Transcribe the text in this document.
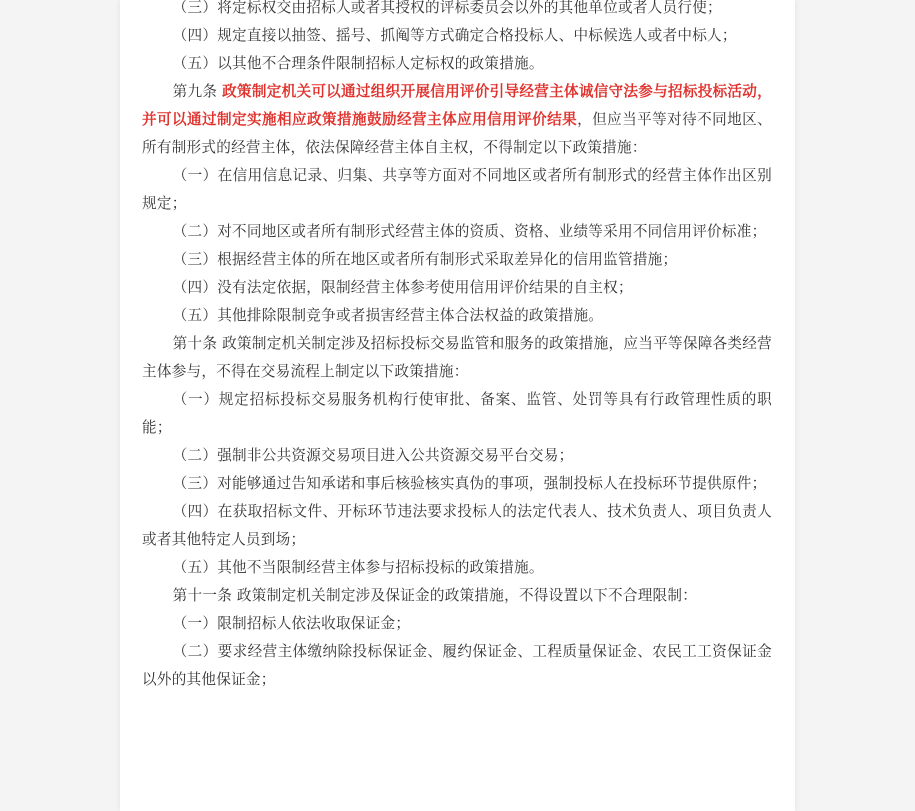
（三）将定标权交由招标人或者其授权的评标委员会以外的其他单位或者人员行使；

（四）规定直接以抽签、摇号、抓阄等方式确定合格投标人、中标候选人或者中标人；

（五）以其他不合理条件限制招标人定标权的政策措施。

第九条 政策制定机关可以通过组织开展信用评价引导经营主体诚信守法参与招标投标活动，并可以通过制定实施相应政策措施鼓励经营主体应用信用评价结果，但应当平等对待不同地区、所有制形式的经营主体，依法保障经营主体自主权，不得制定以下政策措施：

（一）在信用信息记录、归集、共享等方面对不同地区或者所有制形式的经营主体作出区别规定；

（二）对不同地区或者所有制形式经营主体的资质、资格、业绩等采用不同信用评价标准；

（三）根据经营主体的所在地区或者所有制形式采取差异化的信用监管措施；

（四）没有法定依据，限制经营主体参考使用信用评价结果的自主权；

（五）其他排除限制竞争或者损害经营主体合法权益的政策措施。

第十条 政策制定机关制定涉及招标投标交易监管和服务的政策措施，应当平等保障各类经营主体参与，不得在交易流程上制定以下政策措施：

（一）规定招标投标交易服务机构行使审批、备案、监管、处罚等具有行政管理性质的职能；

（二）强制非公共资源交易项目进入公共资源交易平台交易；

（三）对能够通过告知承诺和事后核验核实真伪的事项，强制投标人在投标环节提供原件；

（四）在获取招标文件、开标环节违法要求投标人的法定代表人、技术负责人、项目负责人或者其他特定人员到场；

（五）其他不当限制经营主体参与招标投标的政策措施。

第十一条 政策制定机关制定涉及保证金的政策措施，不得设置以下不合理限制：

（一）限制招标人依法收取保证金；

（二）要求经营主体缴纳除投标保证金、履约保证金、工程质量保证金、农民工工资保证金以外的其他保证金；
